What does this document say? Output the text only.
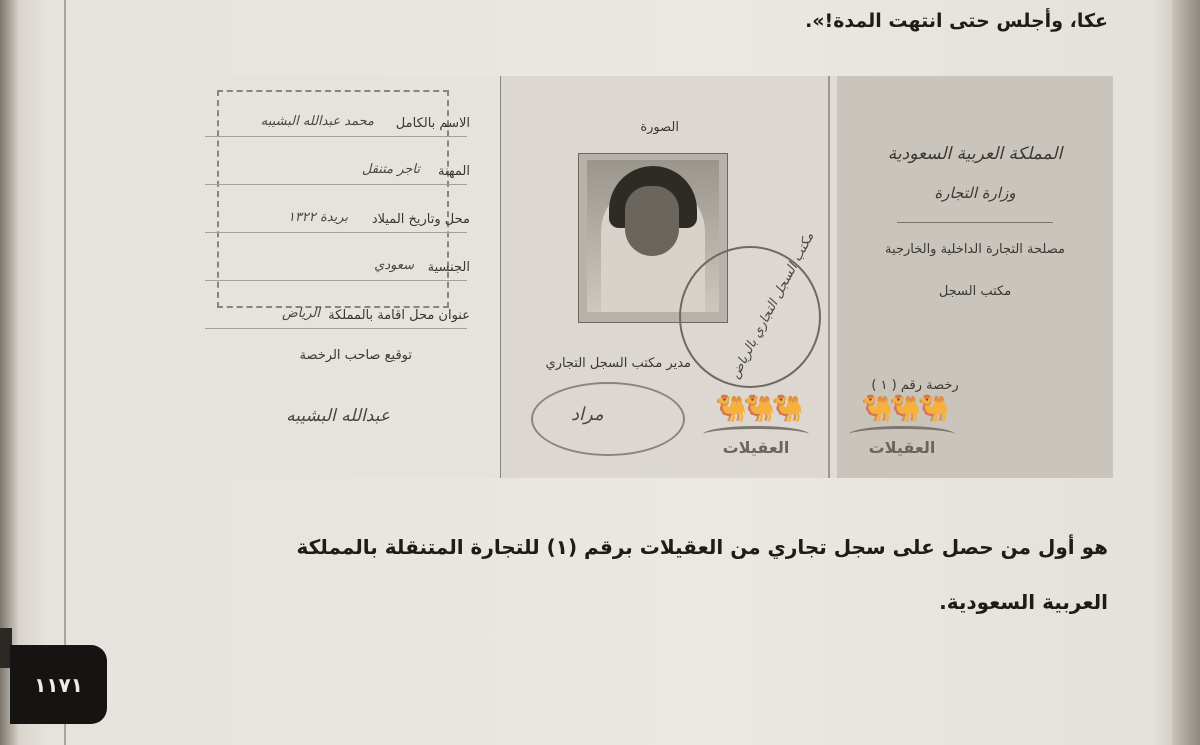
عكا، وأجلس حتى انتهت المدة!».
الاسم بالكامل
محمد عبدالله البشيبه
المهنة
تاجر متنقل
محل وتاريخ الميلاد
بريدة ١٣٢٢
الجنسية
سعودي
عنوان محل اقامة بالمملكة
الرياض
توقيع صاحب الرخصة
عبدالله البشيبه
الصورة
مكتب السجل التجاري بالرياض
مدير مكتب السجل التجاري
مراد	🐫🐫🐫
العقيلات
المملكة العربية السعودية
وزارة التجارة
مصلحة التجارة الداخلية والخارجية
مكتب السجل
رخصة رقم ( ١ )
🐫🐫🐫
العقيلات
هو أول من حصل على سجل تجاري من العقيلات برقم (١) للتجارة المتنقلة بالمملكة
العربية السعودية.
١١٧١
